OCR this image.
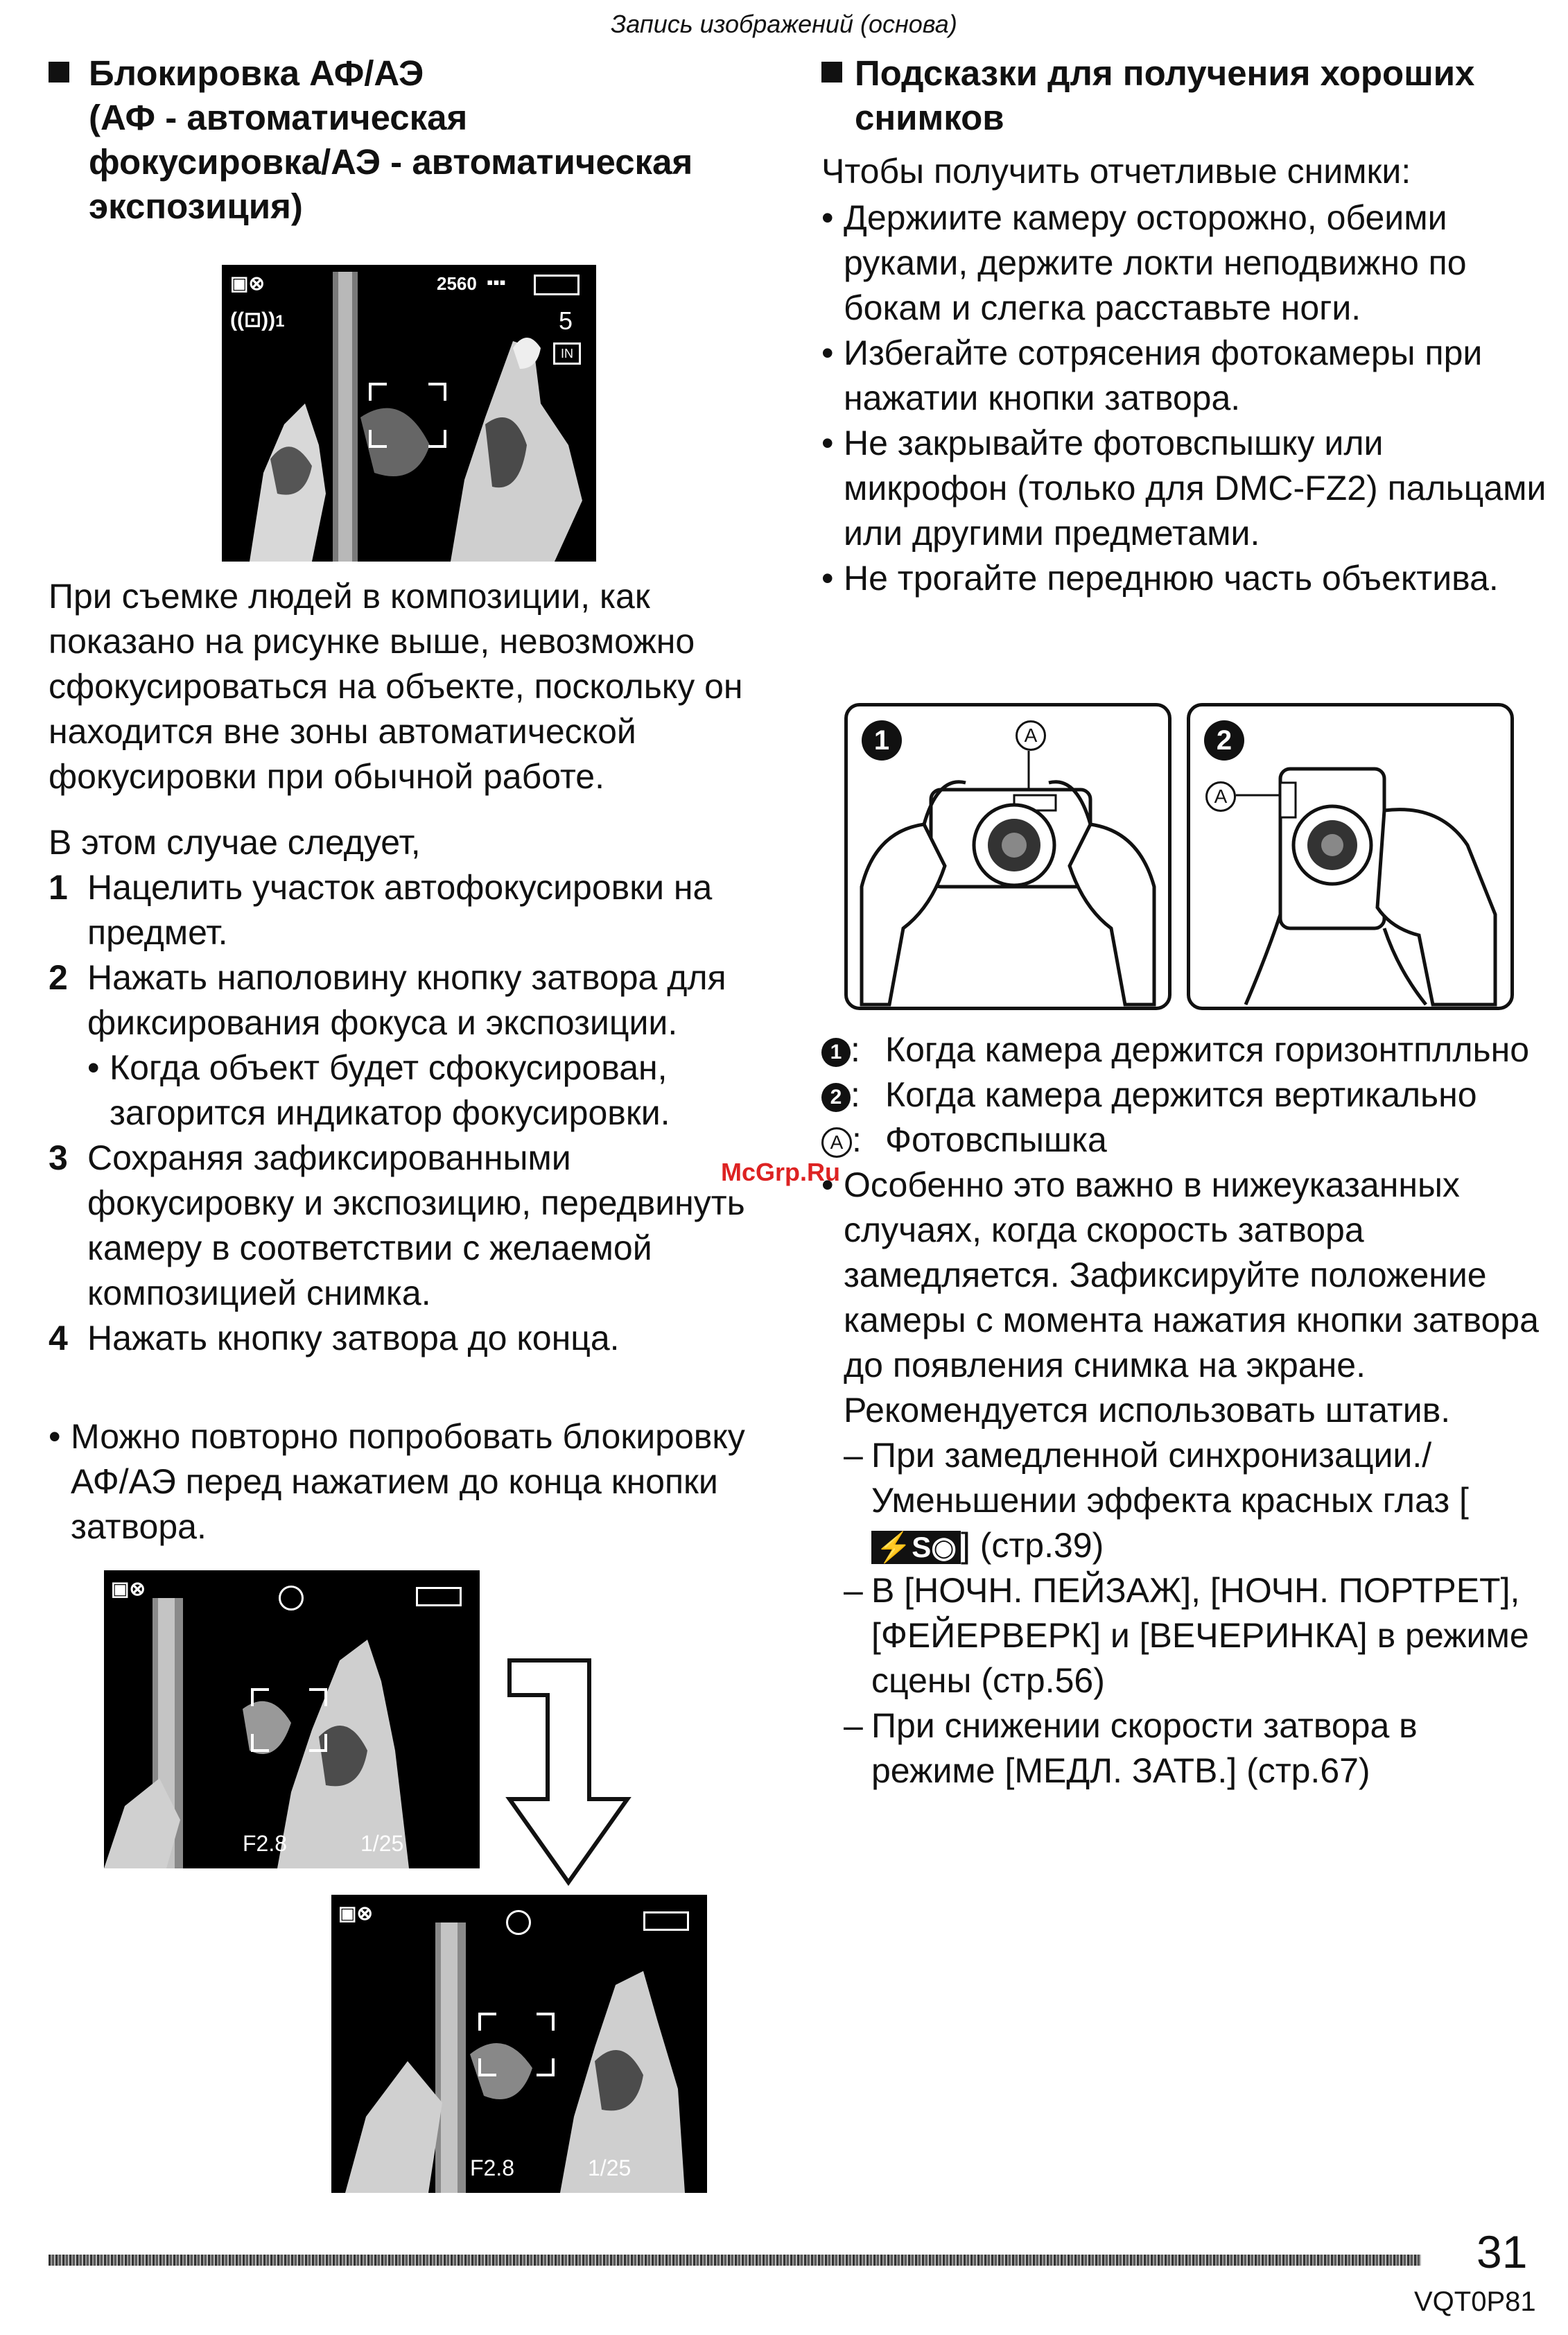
Запись изображений (основа)
Блокировка АФ/АЭ
(АФ - автоматическая
фокусировка/АЭ - автоматическая
экспозиция)
▣⊗	2560 ▪▪▪
((⊡))1	5
IN
При съемке людей в композиции, как показано на рисунке выше, невозможно сфокусироваться на объекте, поскольку он находится вне зоны автоматической фокусировки при обычной работе.
В этом случае следует,
1 Нацелить участок автофокусировки на предмет.
2 Нажать наполовину кнопку затвора для фиксирования фокуса и экспозиции.
• Когда объект будет сфокусирован, загорится индикатор фокусировки.
3 Сохраняя зафиксированными фокусировку и экспозицию, передвинуть камеру в соответствии с желаемой композицией снимка.
4 Нажать кнопку затвора до конца.
• Можно повторно попробовать блокировку АФ/АЭ перед нажатием до конца кнопки затвора.
▣⊗
F2.8	1/25
▣⊗
F2.8	1/25
Подсказки для получения хороших
снимков
Чтобы получить отчетливые снимки:
• Держиите камеру осторожно, обеими руками, держите локти неподвижно по бокам и слегка расставьте ноги.
• Избегайте сотрясения фотокамеры при нажатии кнопки затвора.
• Не закрывайте фотовспышку или микрофон (только для DMC-FZ2) пальцами или другими предметами.
• Не трогайте переднюю часть объектива.
1	A	2
A
1 : Когда камера держится горизонтплльно
2 : Когда камера держится вертикально
A : Фотовспышка
• Особенно это важно в нижеуказанных случаях, когда скорость затвора замедляется. Зафиксируйте положение камеры с момента нажатия кнопки затвора до появления снимка на экране. Рекомендуется использовать штатив.
– При замедленной синхронизации./ Уменьшении эффекта красных глаз [⚡S◉ ] (стр.39)
– В [НОЧН. ПЕЙЗАЖ], [НОЧН. ПОРТРЕТ], [ФЕЙЕРВЕРК] и [ВЕЧЕРИНКА] в режиме сцены (стр.56)
– При снижении скорости затвора в режиме [МЕДЛ. ЗАТВ.] (стр.67)
McGrp.Ru
31
VQT0P81
